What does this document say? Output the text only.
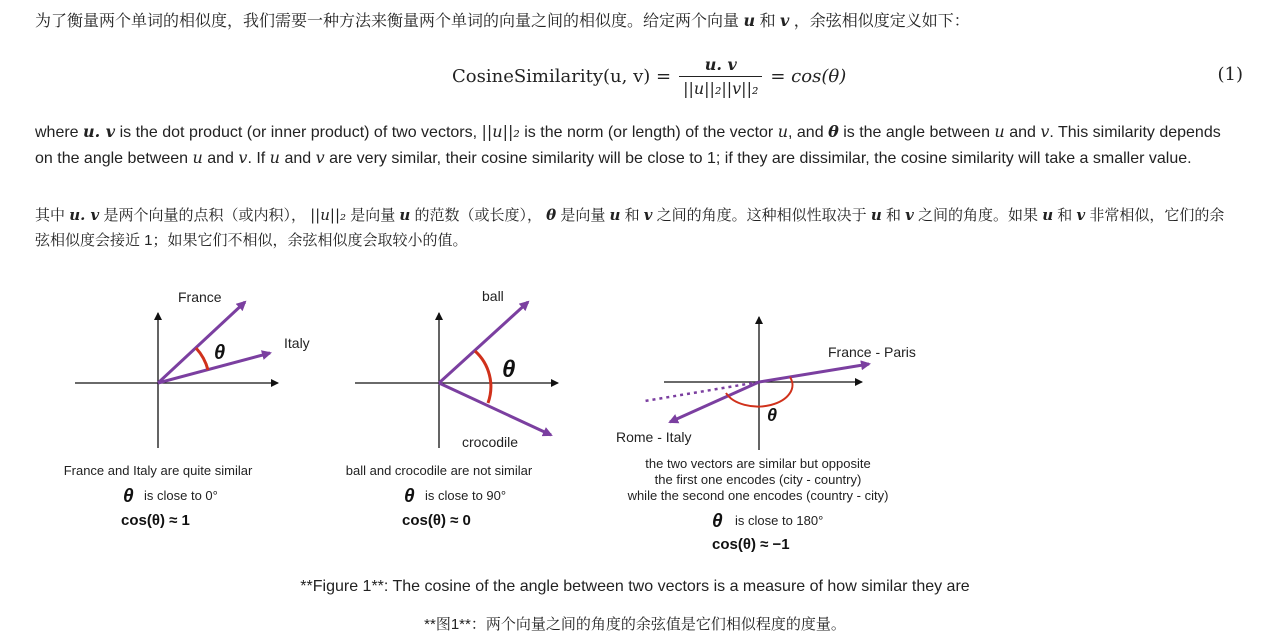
为了衡量两个单词的相似度，我们需要一种方法来衡量两个单词的向量之间的相似度。给定两个向量 u 和 v ，余弦相似度定义如下：

CosineSimilarity(u, $v) = \frac{u. v}{\text{||u||₂||v||₂}} = \cos(\theta)$	(1)

where u. v is the dot product (or inner product) of two vectors, ||u||₂ is the norm (or length) of the vector u, and θ is the angle between u and v. This similarity depends on the angle between u and v. If u and v are very similar, their cosine similarity will be close to 1; if they are dissimilar, the cosine similarity will take a smaller value.

其中 u. v 是两个向量的点积（或内积）， ||u||₂ 是向量 u 的范数（或长度）， θ 是向量 u 和 v 之间的角度。这种相似性取决于 u 和 v 之间的角度。如果 u 和 v 非常相似，它们的余弦相似度会接近 1；如果它们不相似，余弦相似度会取较小的值。

France
Italy
θ
France and Italy are quite similar
θ is close to 0°
cos(θ) ≈ 1
ball
crocodile
θ
ball and crocodile are not similar
θ is close to 90°
cos(θ) ≈ 0
France - Paris
Rome - Italy
θ
the two vectors are similar but opposite
the first one encodes (city - country)
while the second one encodes (country - city)
θ is close to 180°
cos(θ) ≈ −1
**Figure 1**: The cosine of the angle between two vectors is a measure of how similar they are
**图1**：两个向量之间的角度的余弦值是它们相似程度的度量。
